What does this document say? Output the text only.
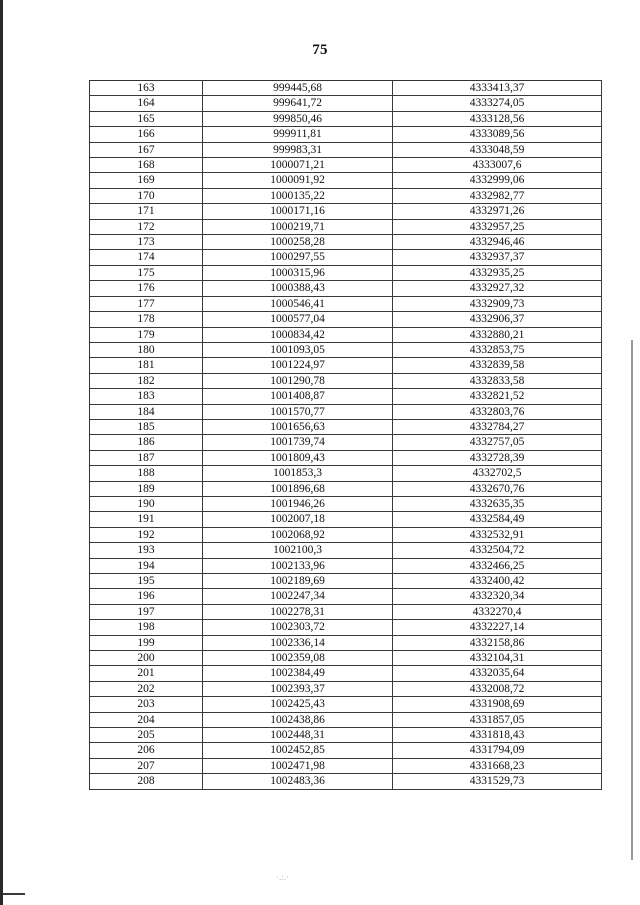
75
163	999445,68	4333413,37
164	999641,72	4333274,05
165	999850,46	4333128,56
166	999911,81	4333089,56
167	999983,31	4333048,59
168	1000071,21	4333007,6
169	1000091,92	4332999,06
170	1000135,22	4332982,77
171	1000171,16	4332971,26
172	1000219,71	4332957,25
173	1000258,28	4332946,46
174	1000297,55	4332937,37
175	1000315,96	4332935,25
176	1000388,43	4332927,32
177	1000546,41	4332909,73
178	1000577,04	4332906,37
179	1000834,42	4332880,21
180	1001093,05	4332853,75
181	1001224,97	4332839,58
182	1001290,78	4332833,58
183	1001408,87	4332821,52
184	1001570,77	4332803,76
185	1001656,63	4332784,27
186	1001739,74	4332757,05
187	1001809,43	4332728,39
188	1001853,3	4332702,5
189	1001896,68	4332670,76
190	1001946,26	4332635,35
191	1002007,18	4332584,49
192	1002068,92	4332532,91
193	1002100,3	4332504,72
194	1002133,96	4332466,25
195	1002189,69	4332400,42
196	1002247,34	4332320,34
197	1002278,31	4332270,4
198	1002303,72	4332227,14
199	1002336,14	4332158,86
200	1002359,08	4332104,31
201	1002384,49	4332035,64
202	1002393,37	4332008,72
203	1002425,43	4331908,69
204	1002438,86	4331857,05
205	1002448,31	4331818,43
206	1002452,85	4331794,09
207	1002471,98	4331668,23
208	1002483,36	4331529,73
·.:.·
